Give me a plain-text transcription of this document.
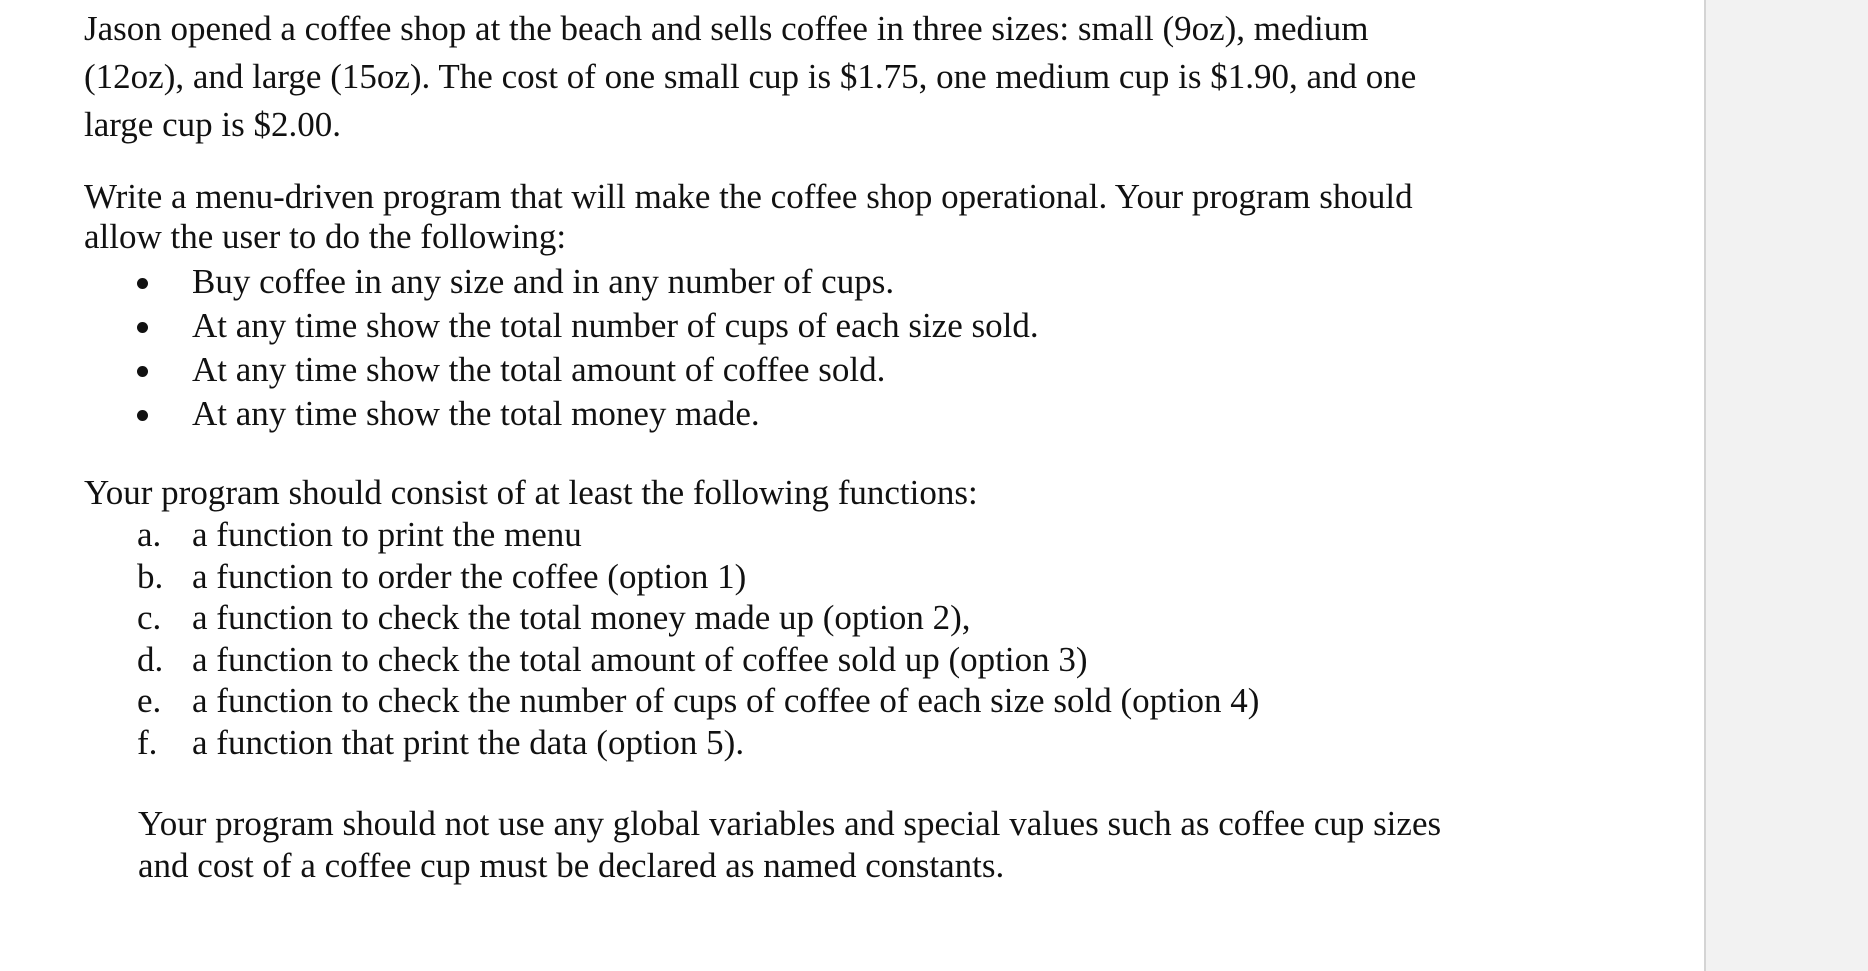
Jason opened a coffee shop at the beach and sells coffee in three sizes: small (9oz), medium
(12oz), and large (15oz). The cost of one small cup is $1.75, one medium cup is $1.90, and one
large cup is $2.00.

Write a menu-driven program that will make the coffee shop operational. Your program should
allow the user to do the following:

Buy coffee in any size and in any number of cups.
At any time show the total number of cups of each size sold.
At any time show the total amount of coffee sold.
At any time show the total money made.

Your program should consist of at least the following functions:

a. a function to print the menu
b. a function to order the coffee (option 1)
c. a function to check the total money made up (option 2),
d. a function to check the total amount of coffee sold up (option 3)
e. a function to check the number of cups of coffee of each size sold (option 4)
f. a function that print the data (option 5).

Your program should not use any global variables and special values such as coffee cup sizes
and cost of a coffee cup must be declared as named constants.
